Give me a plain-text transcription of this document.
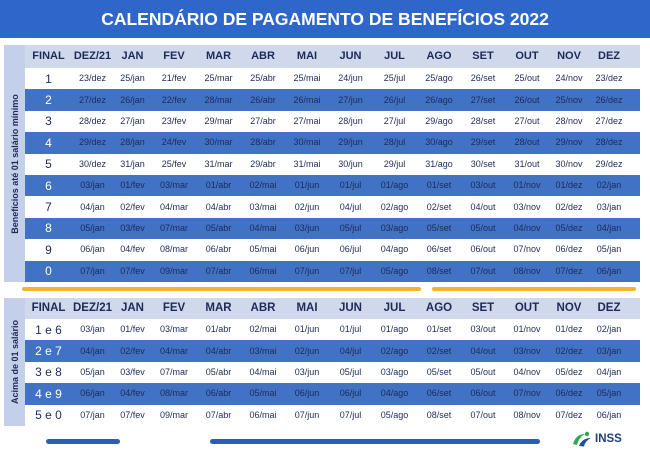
CALENDÁRIO DE PAGAMENTO DE BENEFÍCIOS 2022
Benefícios até 01 salário mínimo
FINAL	DEZ/21	JAN	FEV	MAR	ABR	MAI	JUN	JUL	AGO	SET	OUT	NOV	DEZ	
1	23/dez	25/jan	21/fev	25/mar	25/abr	25/mai	24/jun	25/jul	25/ago	26/set	25/out	24/nov	23/dez	
2	27/dez	26/jan	22/fev	28/mar	26/abr	26/mai	27/jun	26/jul	26/ago	27/set	26/out	25/nov	26/dez	
3	28/dez	27/jan	23/fev	29/mar	27/abr	27/mai	28/jun	27/jul	29/ago	28/set	27/out	28/nov	27/dez	
4	29/dez	28/jan	24/fev	30/mar	28/abr	30/mai	29/jun	28/jul	30/ago	29/set	28/out	29/nov	28/dez	
5	30/dez	31/jan	25/fev	31/mar	29/abr	31/mai	30/jun	29/jul	31/ago	30/set	31/out	30/nov	29/dez	
6	03/jan	01/fev	03/mar	01/abr	02/mai	01/jun	01/jul	01/ago	01/set	03/out	01/nov	01/dez	02/jan	
7	04/jan	02/fev	04/mar	04/abr	03/mai	02/jun	04/jul	02/ago	02/set	04/out	03/nov	02/dez	03/jan	
8	05/jan	03/fev	07/mar	05/abr	04/mai	03/jun	05/jul	03/ago	05/set	05/out	04/nov	05/dez	04/jan	
9	06/jan	04/fev	08/mar	06/abr	05/mai	06/jun	06/jul	04/ago	06/set	06/out	07/nov	06/dez	05/jan	
0	07/jan	07/fev	09/mar	07/abr	06/mai	07/jun	07/jul	05/ago	08/set	07/out	08/nov	07/dez	06/jan	
Acima de 01 salário
FINAL	DEZ/21	JAN	FEV	MAR	ABR	MAI	JUN	JUL	AGO	SET	OUT	NOV	DEZ	
1 e 6	03/jan	01/fev	03/mar	01/abr	02/mai	01/jun	01/jul	01/ago	01/set	03/out	01/nov	01/dez	02/jan	
2 e 7	04/jan	02/fev	04/mar	04/abr	03/mai	02/jun	04/jul	02/ago	02/set	04/out	03/nov	02/dez	03/jan	
3 e 8	05/jan	03/fev	07/mar	05/abr	04/mai	03/jun	05/jul	03/ago	05/set	05/out	04/nov	05/dez	04/jan	
4 e 9	06/jan	04/fev	08/mar	06/abr	05/mai	06/jun	06/jul	04/ago	06/set	06/out	07/nov	06/dez	05/jan	
5 e 0	07/jan	07/fev	09/mar	07/abr	06/mai	07/jun	07/jul	05/ago	08/set	07/out	08/nov	07/dez	06/jan	
INSS
